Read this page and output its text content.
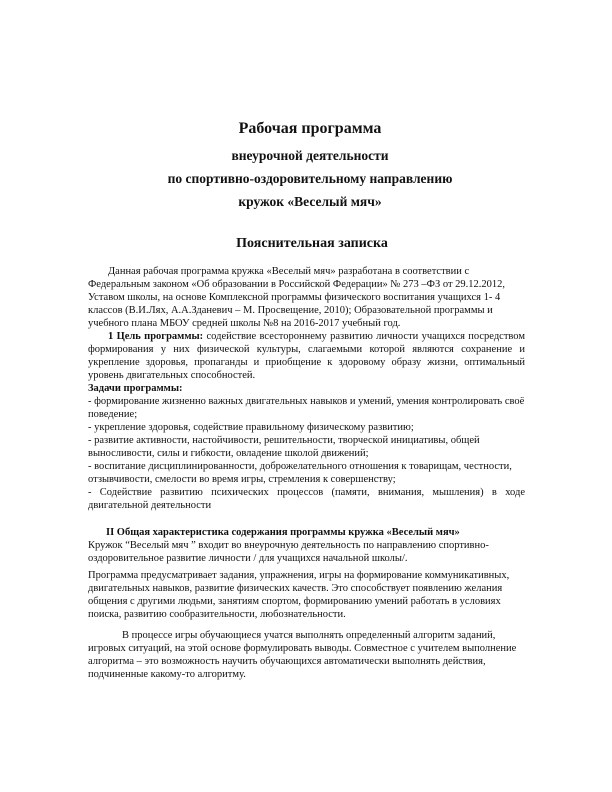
Рабочая программа
внеурочной деятельности
по спортивно-оздоровительному направлению
кружок «Веселый мяч»
Пояснительная записка

Данная рабочая программа кружка «Веселый мяч» разработана в соответствии с Федеральным законом «Об образовании в Российской Федерации» № 273 –ФЗ от 29.12.2012, Уставом школы, на основе Комплексной программы физического воспитания учащихся 1- 4 классов (В.И.Лях, А.А.Зданевич – М. Просвещение, 2010); Образовательной программы и учебного плана МБОУ средней школы №8 на 2016-2017 учебный год.

1 Цель программы: содействие всестороннему развитию личности учащихся посредством формирования у них физической культуры, слагаемыми которой являются сохранение и укрепление здоровья, пропаганды и приобщение к здоровому образу жизни, оптимальный уровень двигательных способностей.

Задачи программы:

- формирование жизненно важных двигательных навыков и умений, умения контролировать своё поведение;

- укрепление здоровья, содействие правильному физическому развитию;

- развитие активности, настойчивости, решительности, творческой инициативы, общей выносливости, силы и гибкости, овладение школой движений;

- воспитание дисциплинированности, доброжелательного отношения к товарищам, честности, отзывчивости, смелости во время игры, стремления к совершенству;

- Содействие развитию психических процессов (памяти, внимания, мышления) в ходе двигательной деятельности

II Общая характеристика содержания программы кружка «Веселый мяч»

Кружок “Веселый мяч ” входит во внеурочную деятельность по направлению спортивно-оздоровительное развитие личности / для учащихся начальной школы/.

Программа предусматривает задания, упражнения, игры на формирование коммуникативных, двигательных навыков, развитие физических качеств. Это способствует появлению желания общения с другими людьми, занятиям спортом, формированию умений работать в условиях поиска, развитию сообразительности, любознательности.

В процессе игры обучающиеся учатся выполнять определенный алгоритм заданий, игровых ситуаций, на этой основе формулировать выводы. Совместное с учителем выполнение алгоритма – это возможность научить обучающихся автоматически выполнять действия, подчиненные какому-то алгоритму.
